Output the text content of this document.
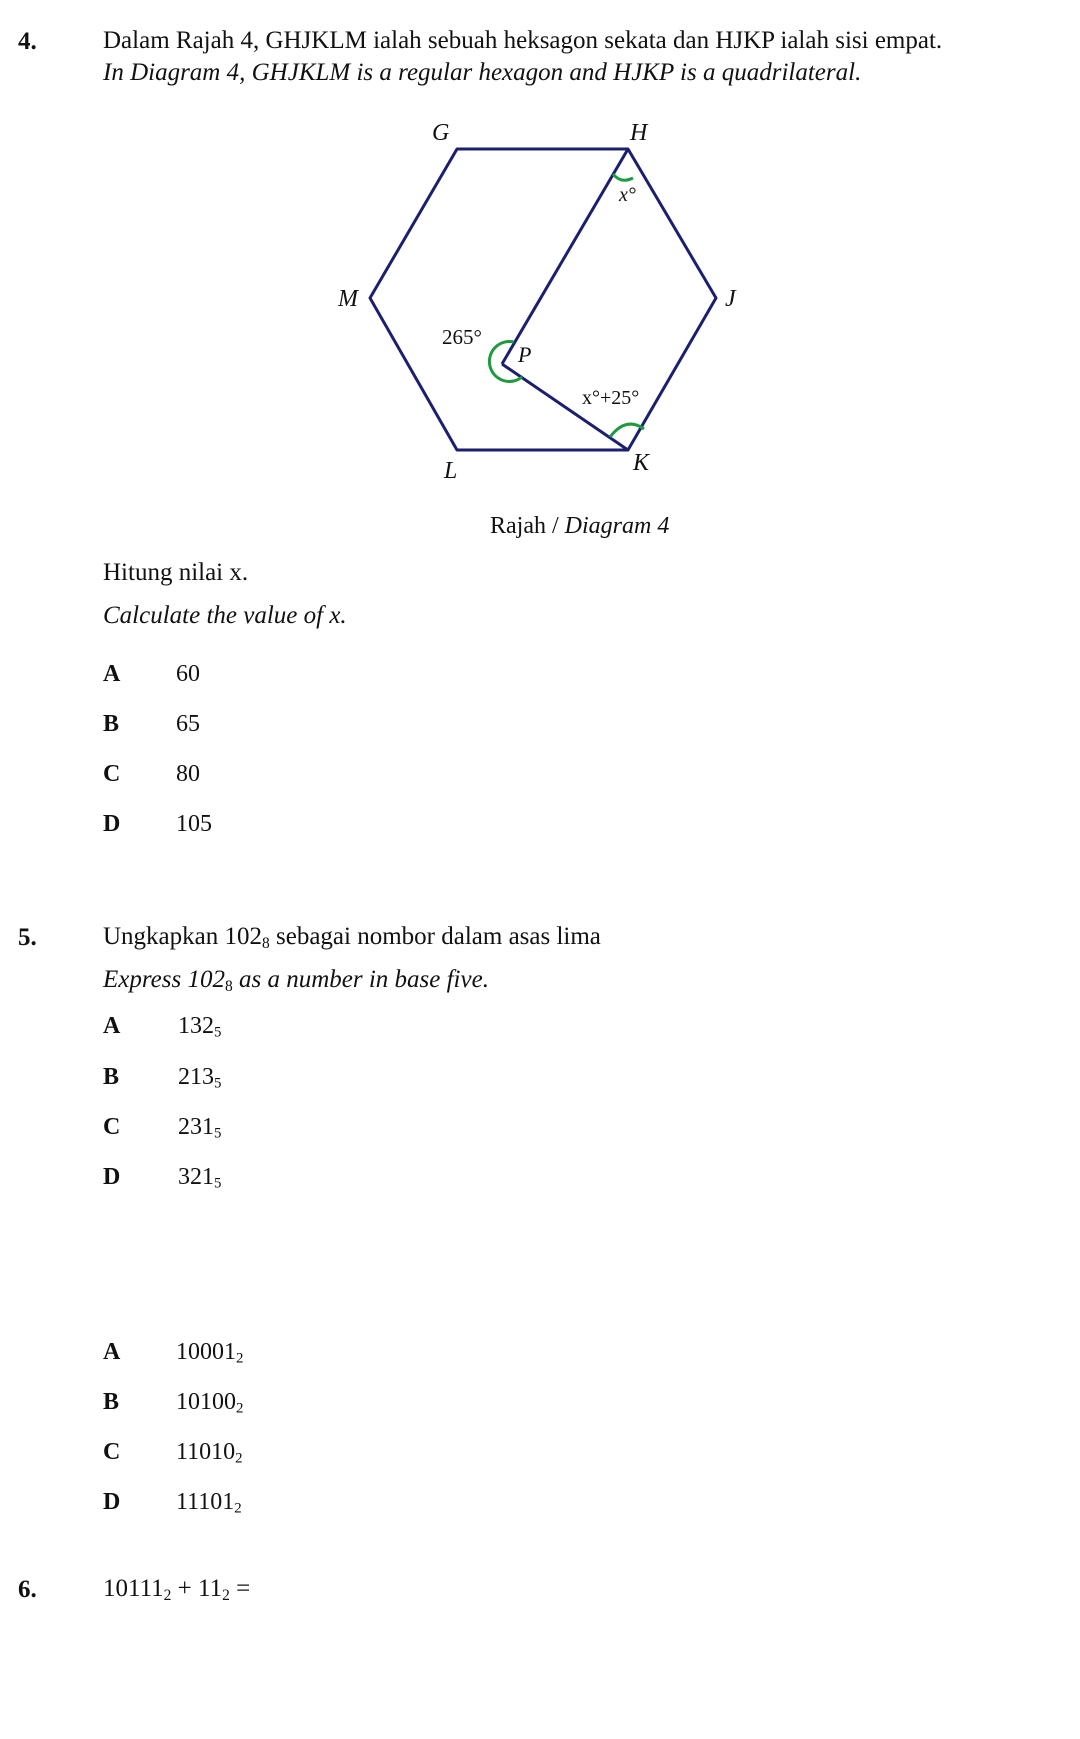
4.	Dalam Rajah 4, GHJKLM ialah sebuah heksagon sekata dan HJKP ialah sisi empat.
In Diagram 4, GHJKLM is a regular hexagon and HJKP is a quadrilateral.
G	H
J
K
L
M
P
x°
265°
x°+25°
Rajah / Diagram 4
Hitung nilai x.
Calculate the value of x.
A 60
B 65
C 80
D 105
5.	Ungkapkan $102_8$ sebagai nombor dalam asas lima
Express $102_8$ as a number in base five.
A $132_5$
B $213_5$
C $231_5$
D $321_5$
6.	$10111_2 + 11_2$ =
A $10001_2$
B $10100_2$
C $11010_2$
D $11101_2$
